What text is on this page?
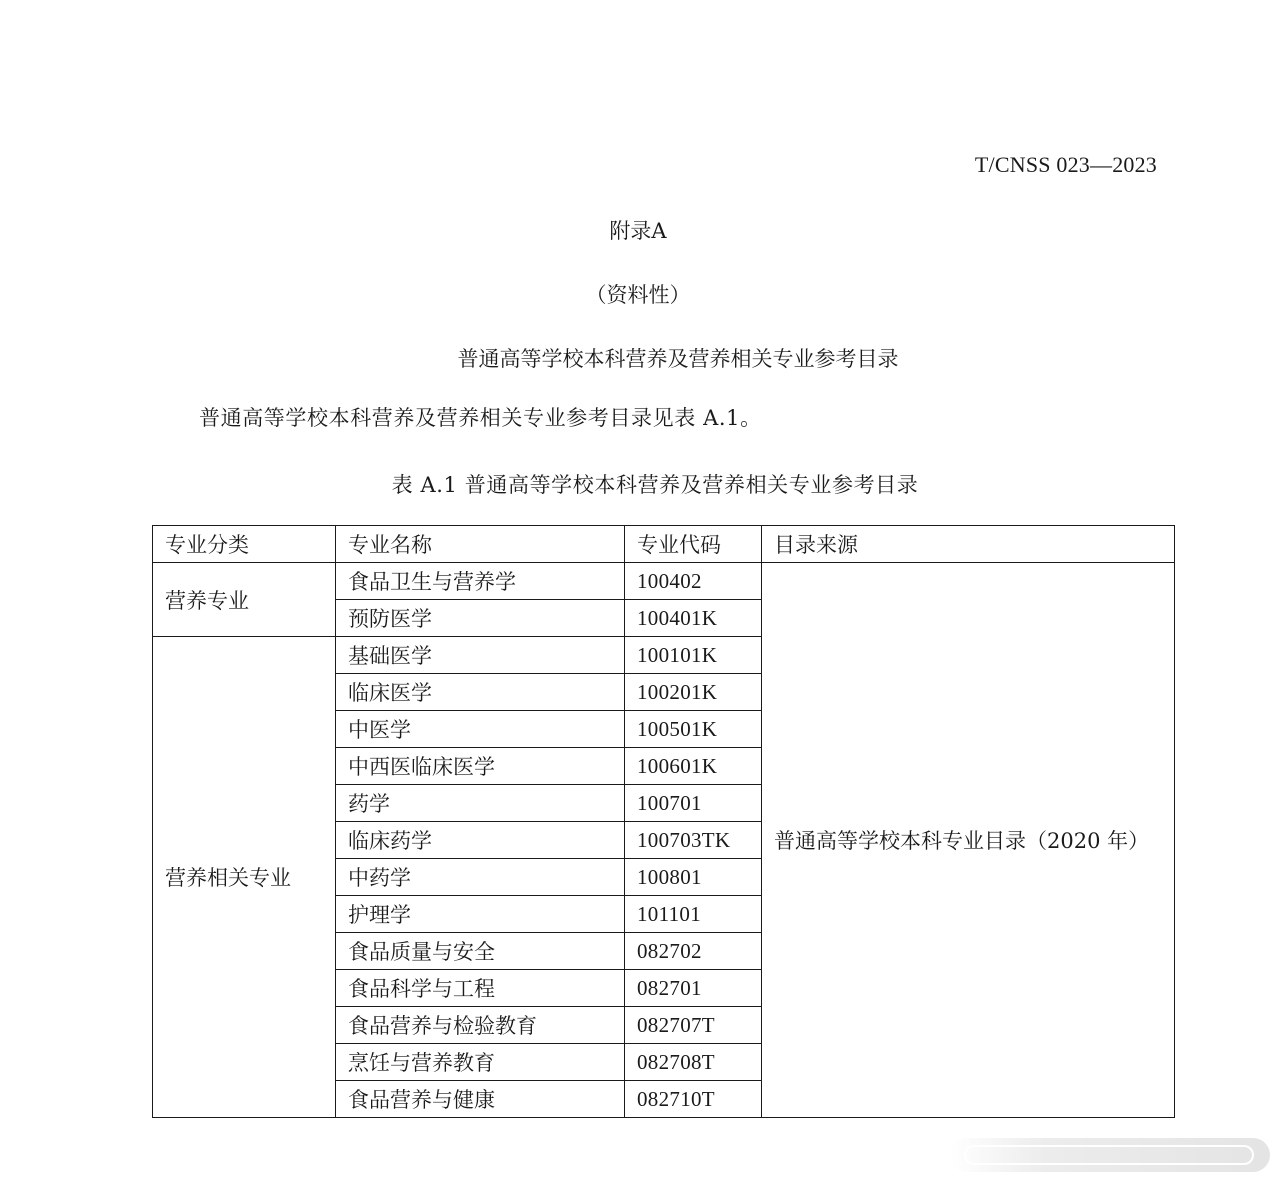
T/CNSS 023—2023
附录A
（资料性）
普通高等学校本科营养及营养相关专业参考目录
普通高等学校本科营养及营养相关专业参考目录见表 A.1。
表 A.1 普通高等学校本科营养及营养相关专业参考目录
专业分类	专业名称	专业代码	目录来源
营养专业	食品卫生与营养学	100402	普通高等学校本科专业目录（2020 年）
	预防医学	100401K	
营养相关专业	基础医学	100101K	
	临床医学	100201K	
	中医学	100501K	
	中西医临床医学	100601K	
	药学	100701	
	临床药学	100703TK	
	中药学	100801	
	护理学	101101	
	食品质量与安全	082702	
	食品科学与工程	082701	
	食品营养与检验教育	082707T	
	烹饪与营养教育	082708T	
	食品营养与健康	082710T	
